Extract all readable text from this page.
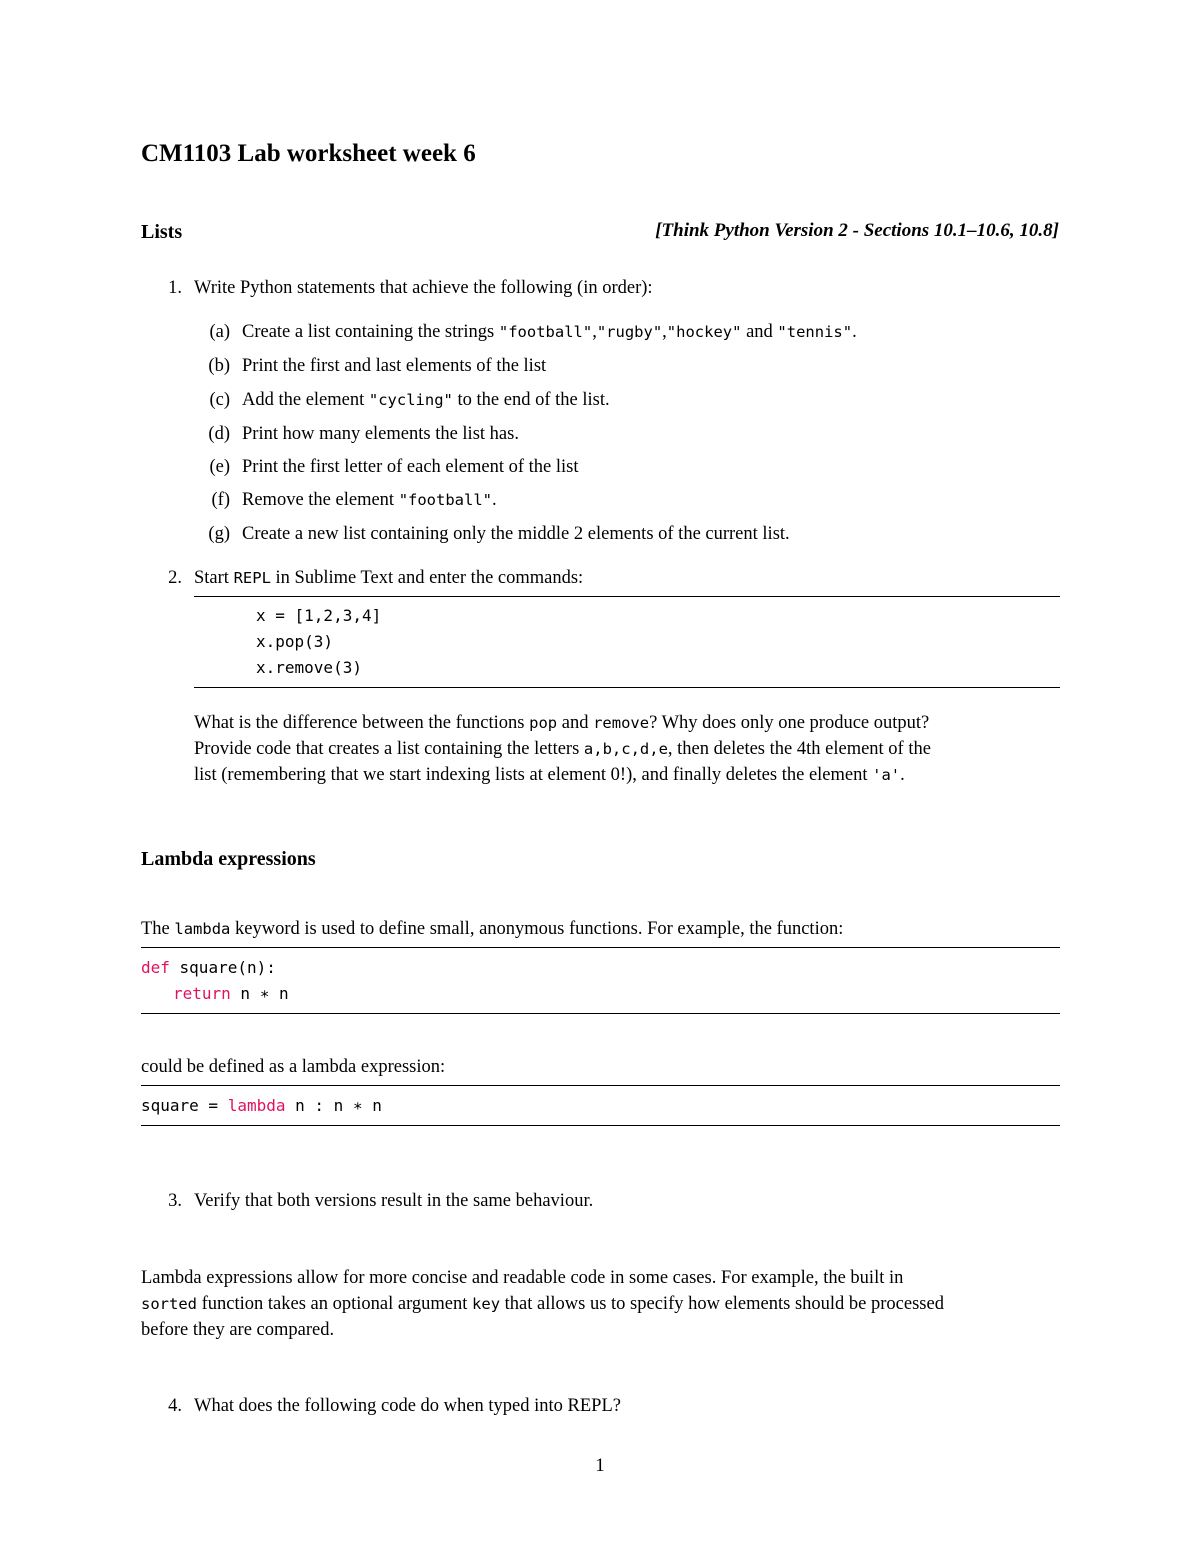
CM1103 Lab worksheet week 6
Lists	[Think Python Version 2 - Sections 10.1–10.6, 10.8]
1. Write Python statements that achieve the following (in order):
(a) Create a list containing the strings "football","rugby","hockey" and "tennis".
(b) Print the first and last elements of the list
(c) Add the element "cycling" to the end of the list.
(d) Print how many elements the list has.
(e) Print the first letter of each element of the list
(f) Remove the element "football".
(g) Create a new list containing only the middle 2 elements of the current list.
2. Start REPL in Sublime Text and enter the commands:
x = [1,2,3,4]
x.pop(3)
x.remove(3)
What is the difference between the functions pop and remove? Why does only one produce output?
Provide code that creates a list containing the letters a,b,c,d,e, then deletes the 4th element of the
list (remembering that we start indexing lists at element 0!), and finally deletes the element 'a'.
Lambda expressions
The lambda keyword is used to define small, anonymous functions. For example, the function:
def square(n):
return n ∗ n
could be defined as a lambda expression:
square = lambda n : n ∗ n
3. Verify that both versions result in the same behaviour.
Lambda expressions allow for more concise and readable code in some cases. For example, the built in
sorted function takes an optional argument key that allows us to specify how elements should be processed
before they are compared.
4. What does the following code do when typed into REPL?
1
